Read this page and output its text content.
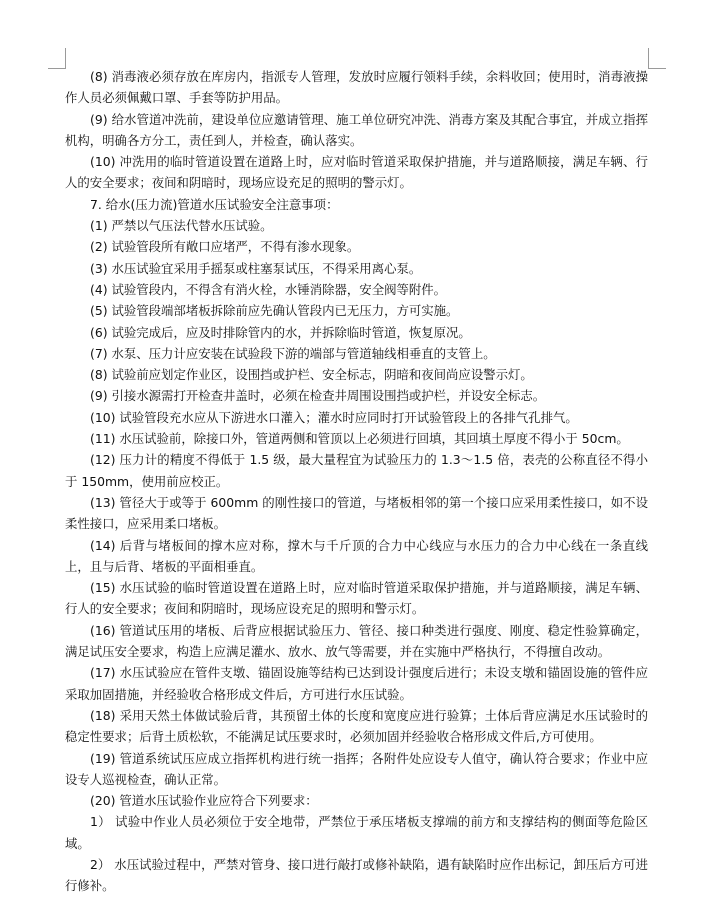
(8) 消毒液必须存放在库房内，指派专人管理，发放时应履行领料手续，余料收回；使用时，消毒液操作人员必须佩戴口罩、手套等防护用品。

(9) 给水管道冲洗前，建设单位应邀请管理、施工单位研究冲洗、消毒方案及其配合事宜，并成立指挥机构，明确各方分工，责任到人，并检查，确认落实。

(10) 冲洗用的临时管道设置在道路上时，应对临时管道采取保护措施，并与道路顺接，满足车辆、行人的安全要求；夜间和阴暗时，现场应设充足的照明的警示灯。

7. 给水(压力流)管道水压试验安全注意事项：

(1) 严禁以气压法代替水压试验。

(2) 试验管段所有敞口应堵严，不得有渗水现象。

(3) 水压试验宜采用手摇泵或柱塞泵试压，不得采用离心泵。

(4) 试验管段内，不得含有消火栓，水锤消除器，安全阀等附件。

(5) 试验管段端部堵板拆除前应先确认管段内已无压力，方可实施。

(6) 试验完成后，应及时排除管内的水，并拆除临时管道，恢复原况。

(7) 水泵、压力计应安装在试验段下游的端部与管道轴线相垂直的支管上。

(8) 试验前应划定作业区，设围挡或护栏、安全标志，阴暗和夜间尚应设警示灯。

(9) 引接水源需打开检查井盖时，必须在检查井周围设围挡或护栏，并设安全标志。

(10) 试验管段充水应从下游进水口灌入；灌水时应同时打开试验管段上的各排气孔排气。

(11) 水压试验前，除接口外，管道两侧和管顶以上必须进行回填，其回填土厚度不得小于 50cm。

(12) 压力计的精度不得低于 1.5 级，最大量程宜为试验压力的 1.3～1.5 倍，表壳的公称直径不得小于 150mm，使用前应校正。

(13) 管径大于或等于 600mm 的刚性接口的管道，与堵板相邻的第一个接口应采用柔性接口，如不设柔性接口，应采用柔口堵板。

(14) 后背与堵板间的撑木应对称，撑木与千斤顶的合力中心线应与水压力的合力中心线在一条直线上，且与后背、堵板的平面相垂直。

(15) 水压试验的临时管道设置在道路上时，应对临时管道采取保护措施，并与道路顺接，满足车辆、行人的安全要求；夜间和阴暗时，现场应设充足的照明和警示灯。

(16) 管道试压用的堵板、后背应根据试验压力、管径、接口种类进行强度、刚度、稳定性验算确定，满足试压安全要求，构造上应满足灌水、放水、放气等需要，并在实施中严格执行，不得擅自改动。

(17) 水压试验应在管件支墩、锚固设施等结构已达到设计强度后进行；未设支墩和锚固设施的管件应采取加固措施，并经验收合格形成文件后，方可进行水压试验。

(18) 采用天然土体做试验后背，其预留土体的长度和宽度应进行验算；土体后背应满足水压试验时的稳定性要求；后背土质松软，不能满足试压要求时，必须加固并经验收合格形成文件后,方可使用。

(19) 管道系统试压应成立指挥机构进行统一指挥；各附件处应设专人值守，确认符合要求；作业中应设专人巡视检查，确认正常。

(20) 管道水压试验作业应符合下列要求：

1） 试验中作业人员必须位于安全地带，严禁位于承压堵板支撑端的前方和支撑结构的侧面等危险区域。

2） 水压试验过程中，严禁对管身、接口进行敲打或修补缺陷，遇有缺陷时应作出标记，卸压后方可进行修补。
